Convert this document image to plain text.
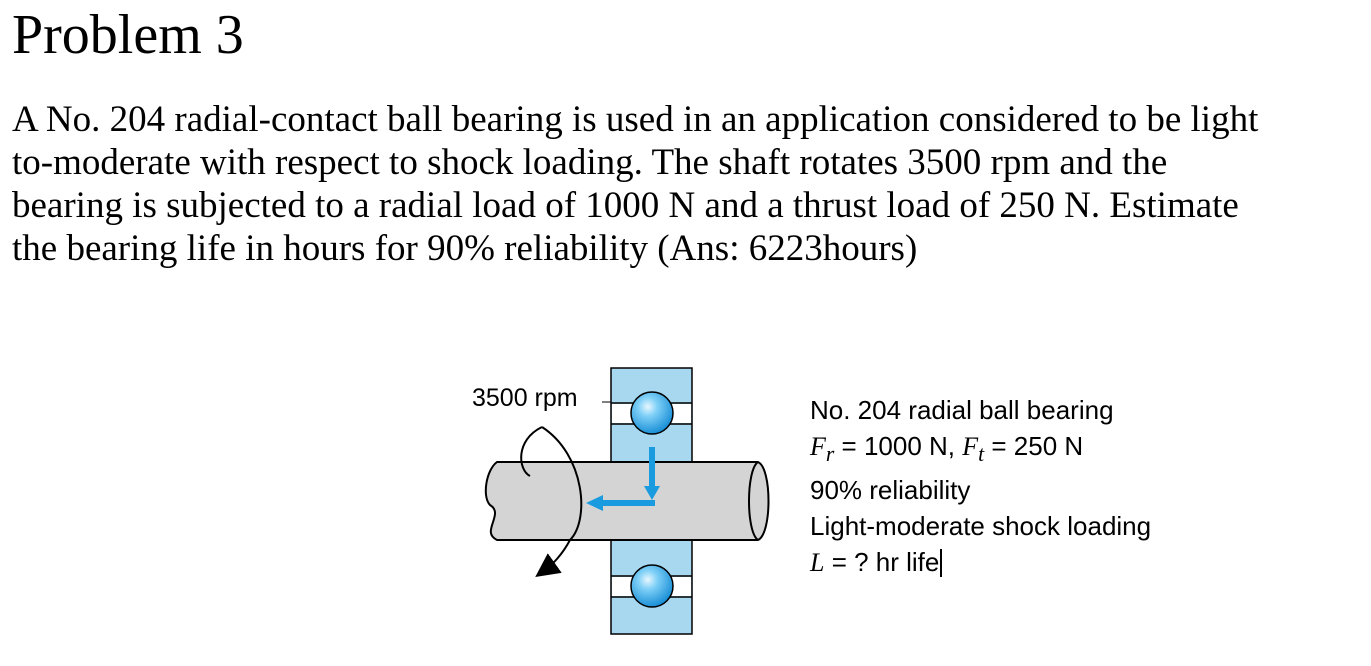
Problem 3
A No. 204 radial-contact ball bearing is used in an application considered to be light
to-moderate with respect to shock loading. The shaft rotates 3500 rpm and the
bearing is subjected to a radial load of 1000 N and a thrust load of 250 N. Estimate
the bearing life in hours for 90% reliability (Ans: 6223hours)
3500 rpm	No. 204 radial ball bearing
$F_r = 1000$ N, $F_t = 250$ N
90% reliability
Light-moderate shock loading
L = ? hr life
